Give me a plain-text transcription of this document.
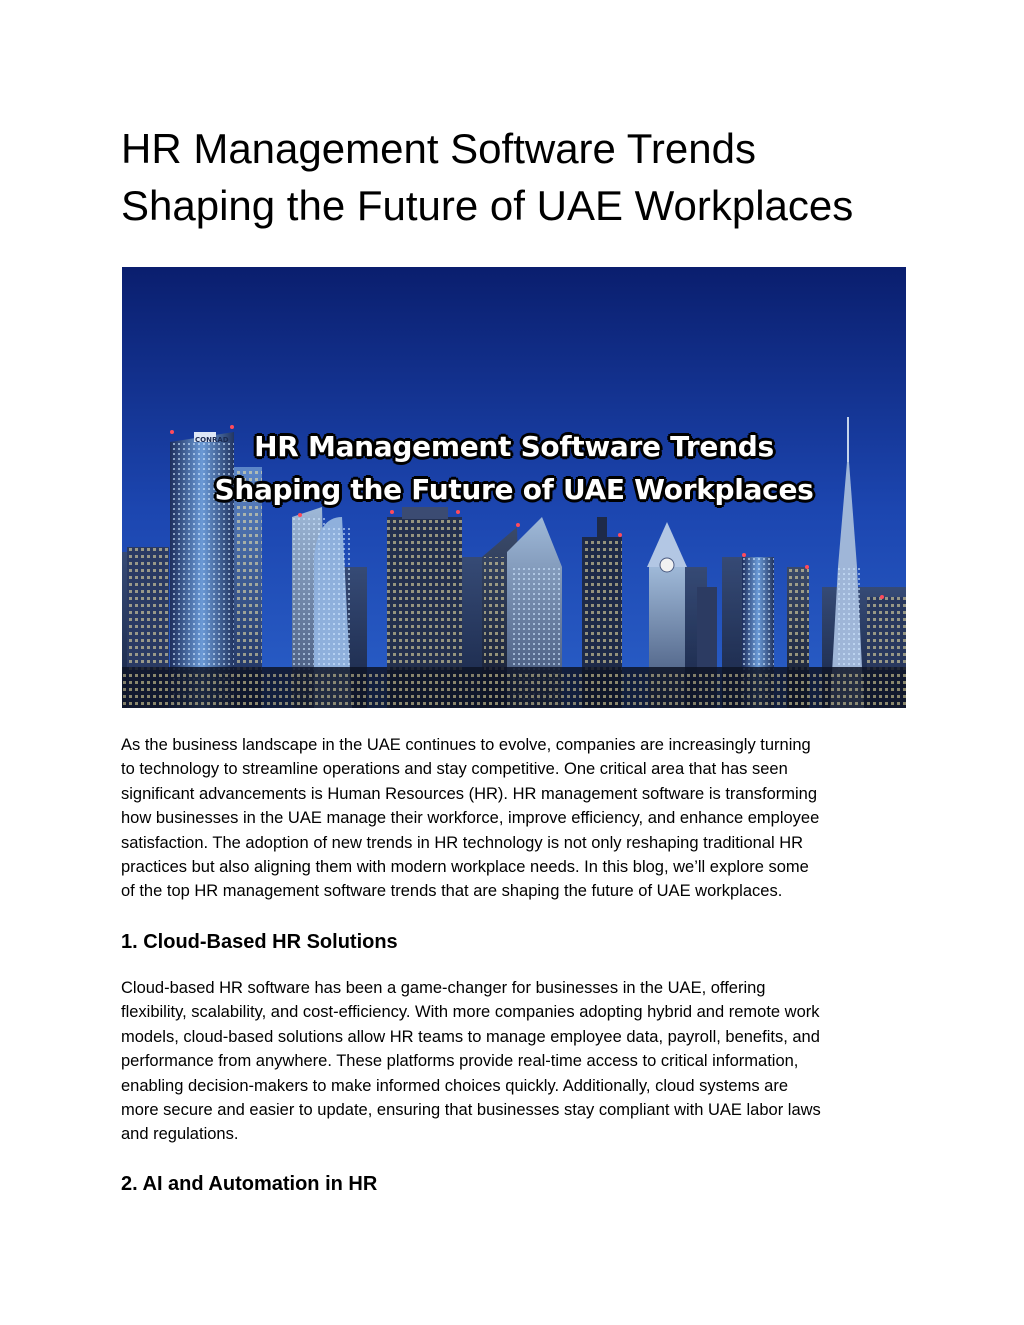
HR Management Software Trends
Shaping the Future of UAE Workplaces
CONRAD HR Management Software Trends
Shaping the Future of UAE Workplaces

As the business landscape in the UAE continues to evolve, companies are increasingly turning
to technology to streamline operations and stay competitive. One critical area that has seen
significant advancements is Human Resources (HR). HR management software is transforming
how businesses in the UAE manage their workforce, improve efficiency, and enhance employee
satisfaction. The adoption of new trends in HR technology is not only reshaping traditional HR
practices but also aligning them with modern workplace needs. In this blog, we’ll explore some
of the top HR management software trends that are shaping the future of UAE workplaces.

1. Cloud-Based HR Solutions

Cloud-based HR software has been a game-changer for businesses in the UAE, offering
flexibility, scalability, and cost-efficiency. With more companies adopting hybrid and remote work
models, cloud-based solutions allow HR teams to manage employee data, payroll, benefits, and
performance from anywhere. These platforms provide real-time access to critical information,
enabling decision-makers to make informed choices quickly. Additionally, cloud systems are
more secure and easier to update, ensuring that businesses stay compliant with UAE labor laws
and regulations.

2. AI and Automation in HR
